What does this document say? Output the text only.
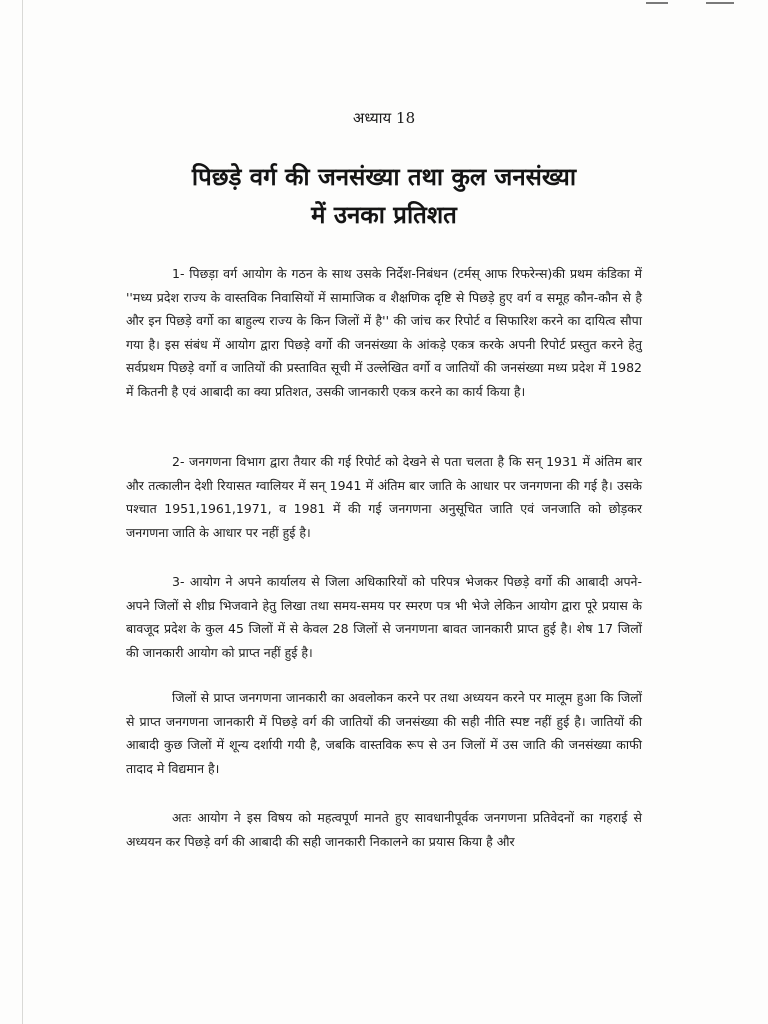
अध्याय 18
पिछड़े वर्ग की जनसंख्या तथा कुल जनसंख्या
में उनका प्रतिशत

1- पिछड़ा वर्ग आयोग के गठन के साथ उसके निर्देश-निबंधन (टर्मस् आफ रिफरेन्स)की प्रथम कंडिका में ''मध्य प्रदेश राज्य के वास्तविक निवासियों में सामाजिक व शैक्षणिक दृष्टि से पिछड़े हुए वर्ग व समूह कौन-कौन से है और इन पिछड़े वर्गो का बाहुल्य राज्य के किन जिलों में है'' की जांच कर रिपोर्ट व सिफारिश करने का दायित्व सौपा गया है। इस संबंध में आयोग द्वारा पिछड़े वर्गो की जनसंख्या के आंकड़े एकत्र करके अपनी रिपोर्ट प्रस्तुत करने हेतु सर्वप्रथम पिछड़े वर्गो व जातियों की प्रस्तावित सूची में उल्लेखित वर्गो व जातियों की जनसंख्या मध्य प्रदेश में 1982 में कितनी है एवं आबादी का क्या प्रतिशत, उसकी जानकारी एकत्र करने का कार्य किया है।

2- जनगणना विभाग द्वारा तैयार की गई रिपोर्ट को देखने से पता चलता है कि सन् 1931 में अंतिम बार और तत्कालीन देशी रियासत ग्वालियर में सन् 1941 में अंतिम बार जाति के आधार पर जनगणना की गई है। उसके पश्चात 1951,1961,1971, व 1981 में की गई जनगणना अनुसूचित जाति एवं जनजाति को छोड़कर जनगणना जाति के आधार पर नहीं हुई है।

3- आयोग ने अपने कार्यालय से जिला अधिकारियों को परिपत्र भेजकर पिछड़े वर्गो की आबादी अपने- अपने जिलों से शीघ्र भिजवाने हेतु लिखा तथा समय-समय पर स्मरण पत्र भी भेजे लेकिन आयोग द्वारा पूरे प्रयास के बावजूद प्रदेश के कुल 45 जिलों में से केवल 28 जिलों से जनगणना बावत जानकारी प्राप्त हुई है। शेष 17 जिलों की जानकारी आयोग को प्राप्त नहीं हुई है।

जिलों से प्राप्त जनगणना जानकारी का अवलोकन करने पर तथा अध्ययन करने पर मालूम हुआ कि जिलों से प्राप्त जनगणना जानकारी में पिछड़े वर्ग की जातियों की जनसंख्या की सही नीति स्पष्ट नहीं हुई है। जातियों की आबादी कुछ जिलों में शून्य दर्शायी गयी है, जबकि वास्तविक रूप से उन जिलों में उस जाति की जनसंख्या काफी तादाद मे विद्यमान है।

अतः आयोग ने इस विषय को महत्वपूर्ण मानते हुए सावधानीपूर्वक जनगणना प्रतिवेदनों का गहराई से अध्ययन कर पिछड़े वर्ग की आबादी की सही जानकारी निकालने का प्रयास किया है और
